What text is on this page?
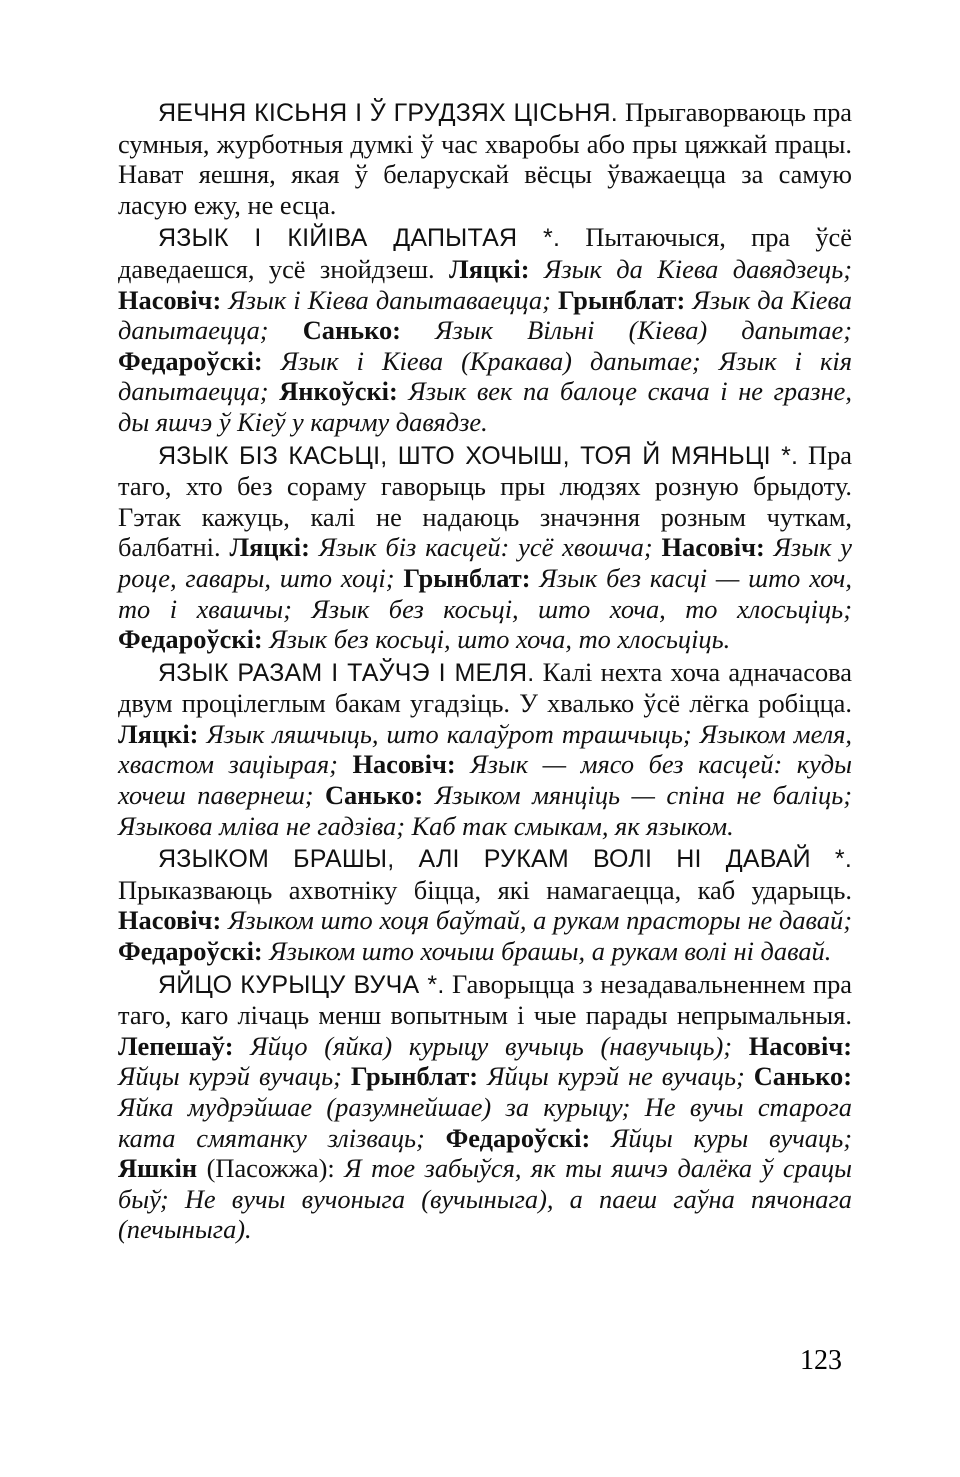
ЯЕЧНЯ КІСЬНЯ І Ў ГРУДЗЯХ ЦІСЬНЯ. Прыгаворваюць пра сумныя, журботныя думкі ў час хваробы або пры цяжкай працы. Нават яешня, якая ў беларускай вёсцы ўважаецца за самую ласую ежу, не есца.

ЯЗЫК І КІЙІВА ДАПЫТАЯ *. Пытаючыся, пра ўсё даведаешся, усё знойдзеш. Ляцкі: Язык да Кіева давядзець; Насовіч: Язык і Кіева дапытаваецца; Грынблат: Язык да Кіева дапытаецца; Санько: Язык Вільні (Кіева) дапытае; Федароўскі: Язык і Кіева (Кракава) дапытае; Язык і кія дапытаецца; Янкоўскі: Язык век па балоце скача і не гразне, ды яшчэ ў Кіеў у карчму давядзе.

ЯЗЫК БІЗ КАСЬЦІ, ШТО ХОЧЫШ, ТОЯ Й МЯНЬЦІ *. Пра таго, хто без сораму гаворыць пры людзях розную брыдоту. Гэтак кажуць, калі не надаюць значэння розным чуткам, балбатні. Ляцкі: Язык біз касцей: усё хвошча; Насовіч: Язык у роце, гавары, што хоці; Грынблат: Язык без касці — што хоч, то і хвашчы; Язык без косьці, што хоча, то хлосьціць; Федароўскі: Язык без косьці, што хоча, то хлосьціць.

ЯЗЫК РАЗАМ І ТАЎЧЭ І МЕЛЯ. Калі нехта хоча адначасова двум процілеглым бакам угадзіць. У хвалько ўсё лёгка робіцца. Ляцкі: Язык ляшчыць, што калаўрот трашчыць; Языком меля, хвастом заціырая; Насовіч: Язык — мясо без касцей: куды хочеш павернеш; Санько: Языком мянціць — спіна не баліць; Языкова мліва не гадзіва; Каб так смыкам, як языком.

ЯЗЫКОМ БРАШЫ, АЛІ РУКАМ ВОЛІ НІ ДАВАЙ *. Прыказваюць ахвотніку біцца, які намагаецца, каб ударыць. Насовіч: Языком што хоця баўтай, а рукам прасторы не давай; Федароўскі: Языком што хочыш брашы, а рукам волі ні давай.

ЯЙЦО КУРЫЦУ ВУЧА *. Гаворыцца з незадавальненнем пра таго, каго лічаць менш вопытным і чые парады непрымальныя. Лепешаў: Яйцо (яйка) курыцу вучыць (навучыць); Насовіч: Яйцы курэй вучаць; Грынблат: Яйцы курэй не вучаць; Санько: Яйка мудрэйшае (разумнейшае) за курыцу; Не вучы старога ката смятанку злізваць; Федароўскі: Яйцы куры вучаць; Яшкін (Пасожжа): Я тое забыўся, як ты яшчэ далёка ў срацы быў; Не вучы вучоныга (вучыныга), а паеш гаўна пячонага (печыныга).

123
